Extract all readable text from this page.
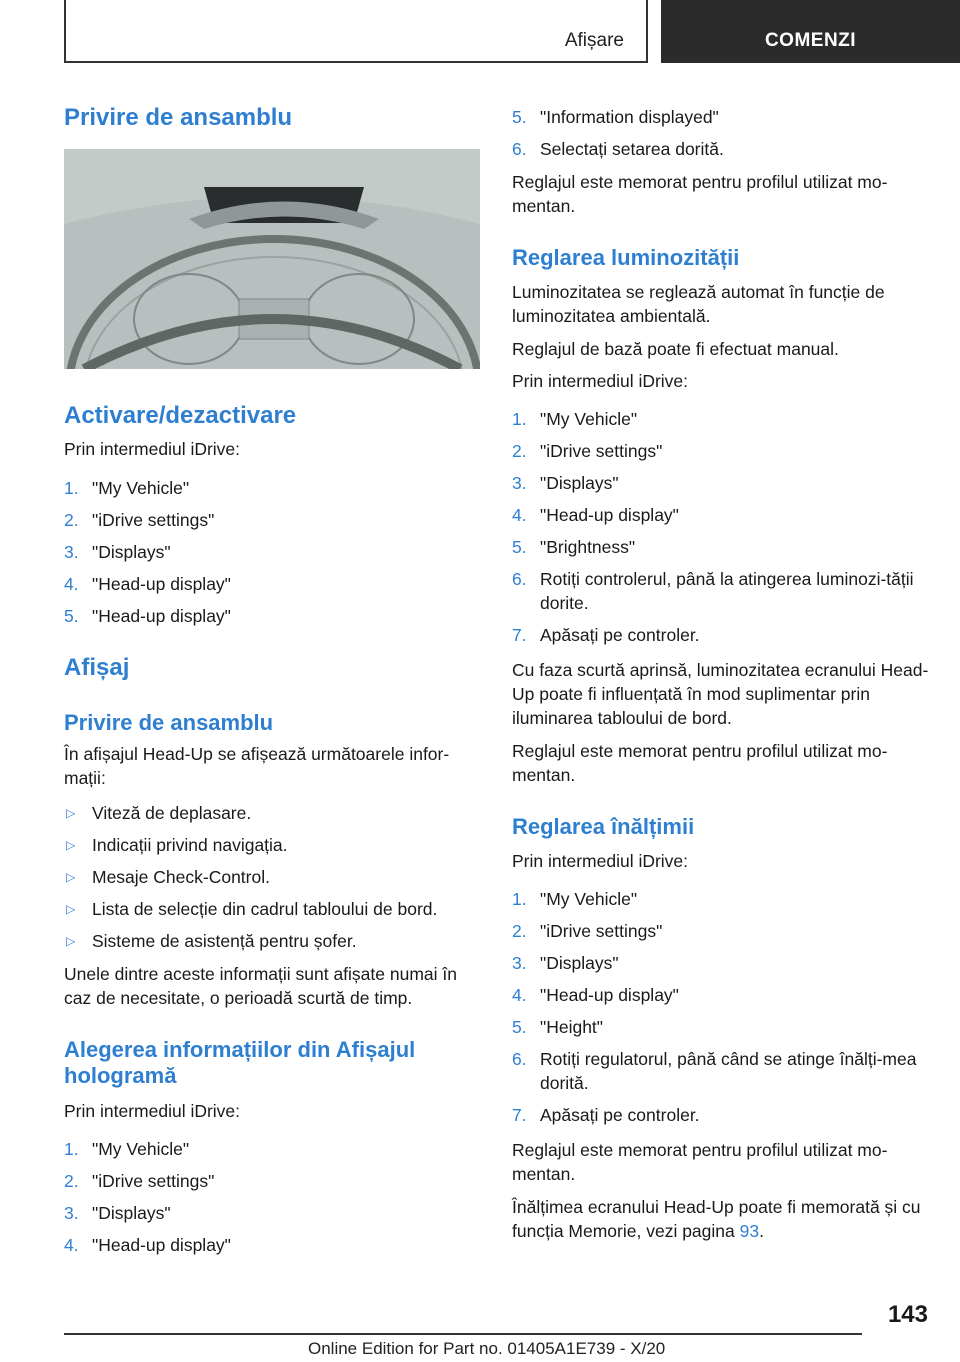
Afișare	COMENZI
Privire de ansamblu
Activare/dezactivare

Prin intermediul iDrive:

1. "My Vehicle"
2. "iDrive settings"
3. "Displays"
4. "Head-up display"
5. "Head-up display"
Afișaj
Privire de ansamblu

În afișajul Head-Up se afișează următoarele infor-mații:

▷ Viteză de deplasare.
▷ Indicații privind navigația.
▷ Mesaje Check-Control.
▷ Lista de selecție din cadrul tabloului de bord.
▷ Sisteme de asistență pentru șofer.

Unele dintre aceste informații sunt afișate numai în caz de necesitate, o perioadă scurtă de timp.

Alegerea informațiilor din Afișajul hologramă

Prin intermediul iDrive:

1. "My Vehicle"
2. "iDrive settings"
3. "Displays"
4. "Head-up display"
5. "Information displayed"
6. Selectați setarea dorită.

Reglajul este memorat pentru profilul utilizat mo-mentan.

Reglarea luminozității

Luminozitatea se reglează automat în funcție de luminozitatea ambientală.

Reglajul de bază poate fi efectuat manual.

Prin intermediul iDrive:

1. "My Vehicle"
2. "iDrive settings"
3. "Displays"
4. "Head-up display"
5. "Brightness"
6. Rotiți controlerul, până la atingerea luminozi-tății dorite.
7. Apăsați pe controler.

Cu faza scurtă aprinsă, luminozitatea ecranului Head-Up poate fi influențată în mod suplimentar prin iluminarea tabloului de bord.

Reglajul este memorat pentru profilul utilizat mo-mentan.

Reglarea înălțimii

Prin intermediul iDrive:

1. "My Vehicle"
2. "iDrive settings"
3. "Displays"
4. "Head-up display"
5. "Height"
6. Rotiți regulatorul, până când se atinge înălți-mea dorită.
7. Apăsați pe controler.

Reglajul este memorat pentru profilul utilizat mo-mentan.

Înălțimea ecranului Head-Up poate fi memorată și cu funcția Memorie, vezi pagina 93.

143
Online Edition for Part no. 01405A1E739 - X/20
